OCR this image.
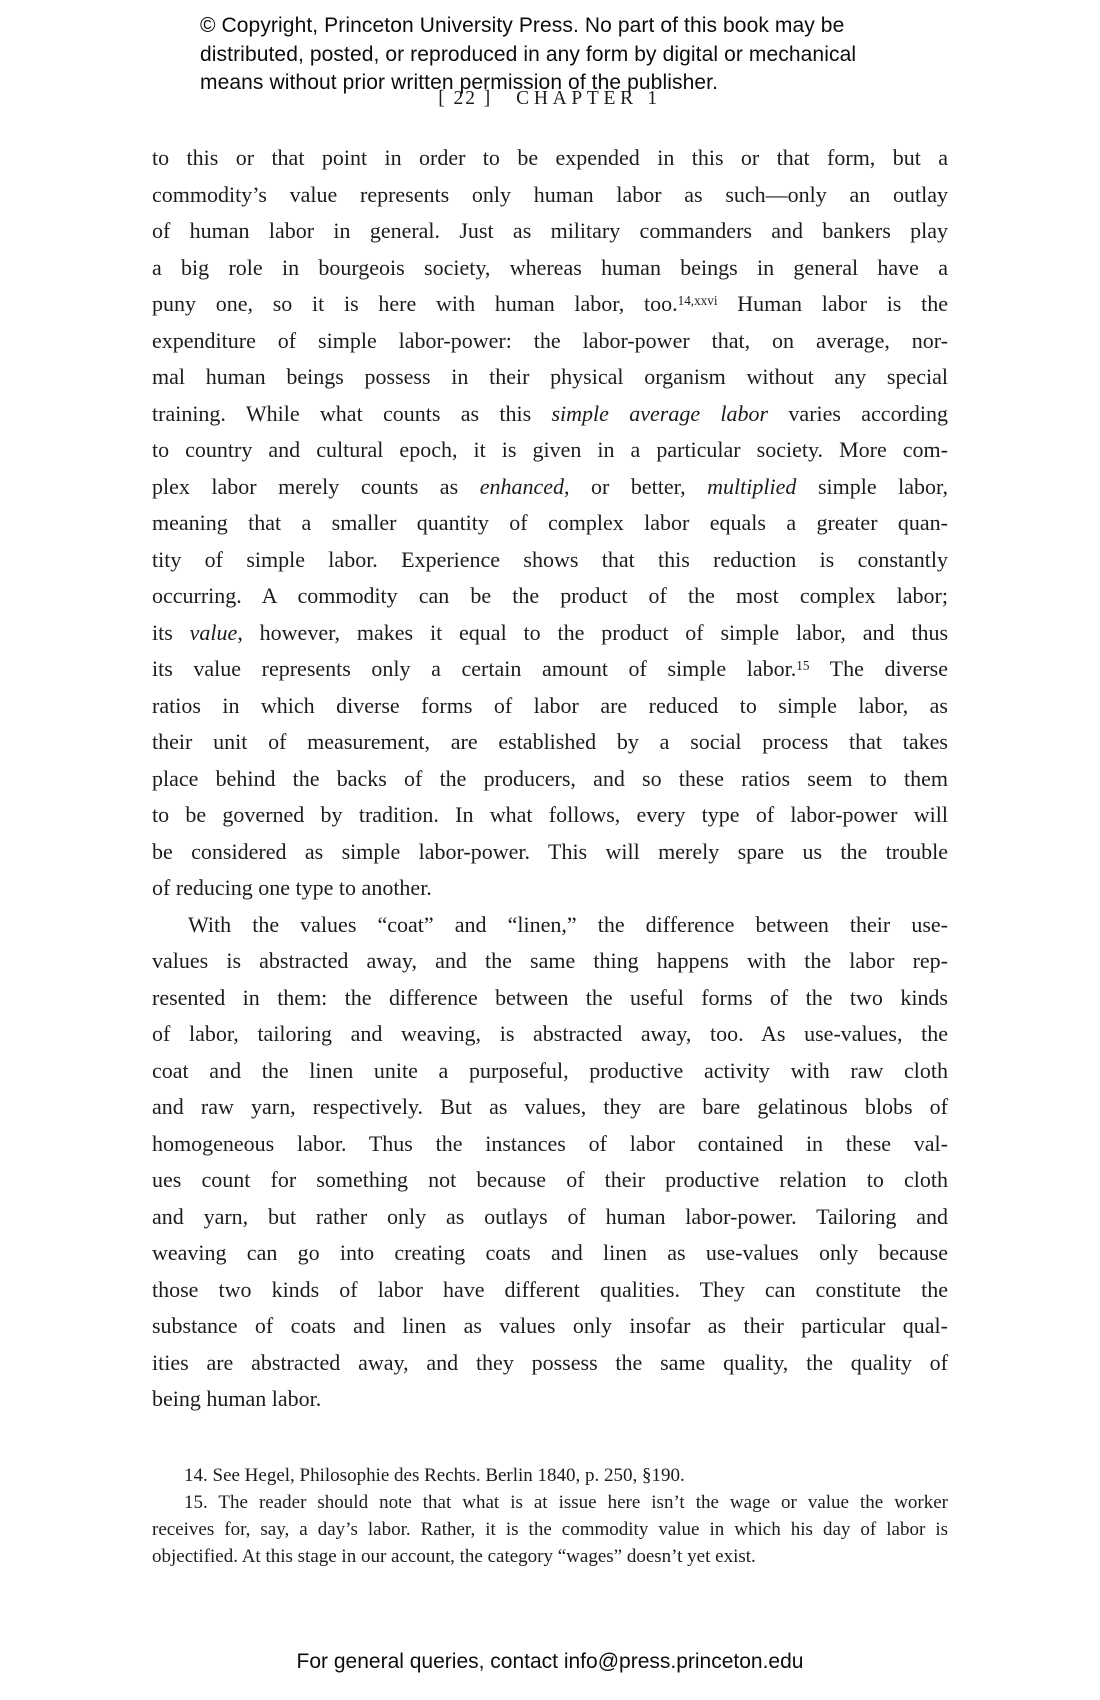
© Copyright, Princeton University Press. No part of this book may be
distributed, posted, or reproduced in any form by digital or mechanical
means without prior written permission of the publisher.
[ 22 ] CHAPTER 1
to this or that point in order to be expended in this or that form, but a
commodity’s value represents only human labor as such—only an outlay
of human labor in general. Just as military commanders and bankers play
a big role in bourgeois society, whereas human beings in general have a
puny one, so it is here with human labor, too.$^{14,xxvi}$ Human labor is the
expenditure of simple labor-power: the labor-power that, on average, nor-
mal human beings possess in their physical organism without any special
training. While what counts as this simple average labor varies according
to country and cultural epoch, it is given in a particular society. More com-
plex labor merely counts as enhanced, or better, multiplied simple labor,
meaning that a smaller quantity of complex labor equals a greater quan-
tity of simple labor. Experience shows that this reduction is constantly
occurring. A commodity can be the product of the most complex labor;
its value, however, makes it equal to the product of simple labor, and thus
its value represents only a certain amount of simple labor.$^{15}$ The diverse
ratios in which diverse forms of labor are reduced to simple labor, as
their unit of measurement, are established by a social process that takes
place behind the backs of the producers, and so these ratios seem to them
to be governed by tradition. In what follows, every type of labor-power will
be considered as simple labor-power. This will merely spare us the trouble
of reducing one type to another.
With the values “coat” and “linen,” the difference between their use-
values is abstracted away, and the same thing happens with the labor rep-
resented in them: the difference between the useful forms of the two kinds
of labor, tailoring and weaving, is abstracted away, too. As use-values, the
coat and the linen unite a purposeful, productive activity with raw cloth
and raw yarn, respectively. But as values, they are bare gelatinous blobs of
homogeneous labor. Thus the instances of labor contained in these val-
ues count for something not because of their productive relation to cloth
and yarn, but rather only as outlays of human labor-power. Tailoring and
weaving can go into creating coats and linen as use-values only because
those two kinds of labor have different qualities. They can constitute the
substance of coats and linen as values only insofar as their particular qual-
ities are abstracted away, and they possess the same quality, the quality of
being human labor.
14. See Hegel, Philosophie des Rechts. Berlin 1840, p. 250, §190.
15. The reader should note that what is at issue here isn’t the wage or value the worker
receives for, say, a day’s labor. Rather, it is the commodity value in which his day of labor is
objectified. At this stage in our account, the category “wages” doesn’t yet exist.
For general queries, contact info@press.princeton.edu
